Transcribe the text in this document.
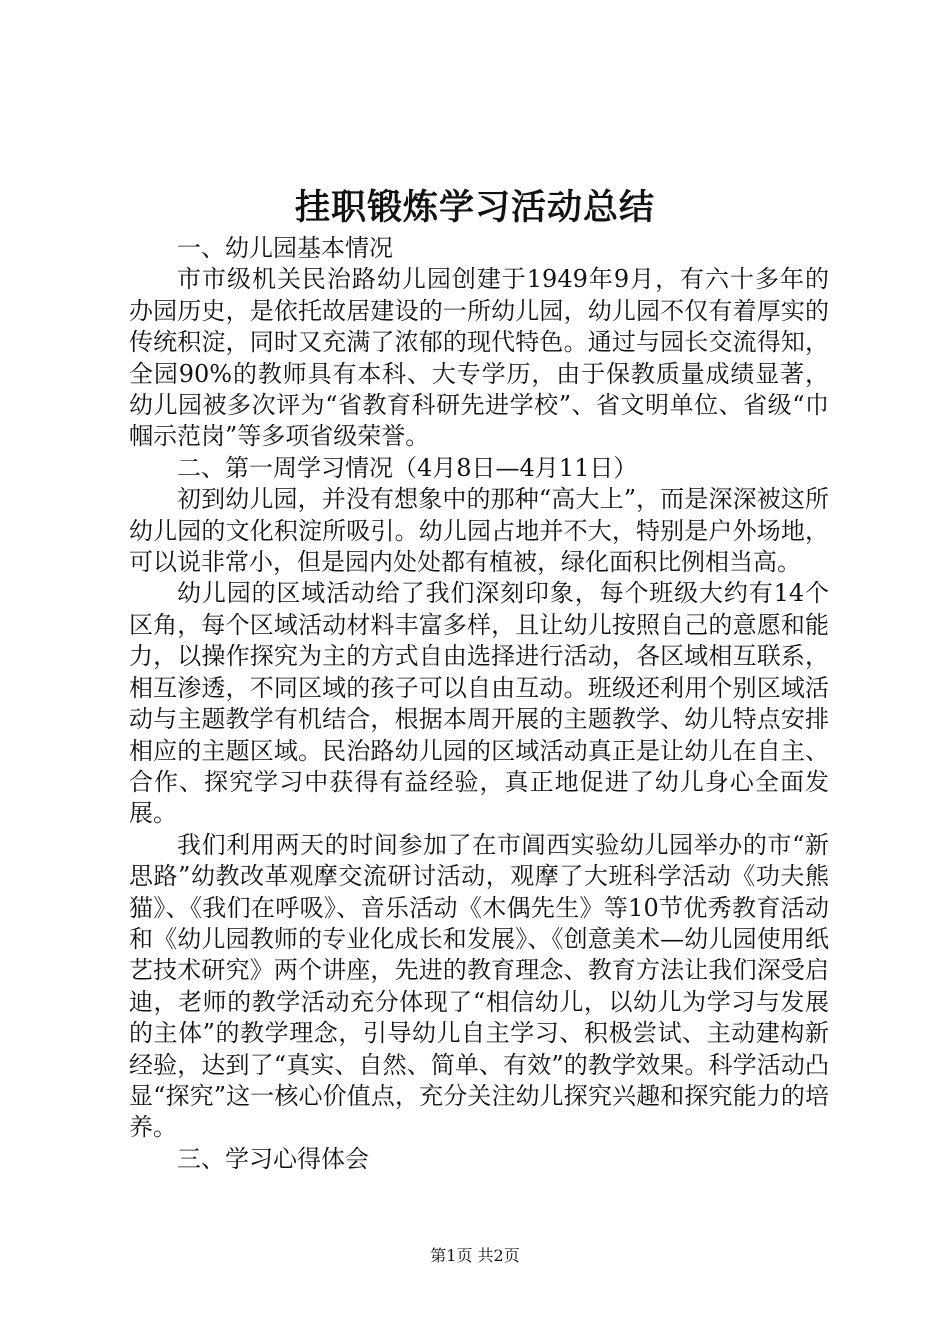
挂职锻炼学习活动总结

一、幼儿园基本情况

市市级机关民治路幼儿园创建于1949年9月，有六十多年的办园历史，是依托故居建设的一所幼儿园，幼儿园不仅有着厚实的传统积淀，同时又充满了浓郁的现代特色。通过与园长交流得知，全园90%的教师具有本科、大专学历，由于保教质量成绩显著，幼儿园被多次评为“省教育科研先进学校”、省文明单位、省级“巾帼示范岗”等多项省级荣誉。

二、第一周学习情况（4月8日—4月11日）

初到幼儿园，并没有想象中的那种“高大上”，而是深深被这所幼儿园的文化积淀所吸引。幼儿园占地并不大，特别是户外场地，可以说非常小，但是园内处处都有植被，绿化面积比例相当高。

幼儿园的区域活动给了我们深刻印象，每个班级大约有14个区角，每个区域活动材料丰富多样，且让幼儿按照自己的意愿和能力，以操作探究为主的方式自由选择进行活动，各区域相互联系，相互渗透，不同区域的孩子可以自由互动。班级还利用个别区域活动与主题教学有机结合，根据本周开展的主题教学、幼儿特点安排相应的主题区域。民治路幼儿园的区域活动真正是让幼儿在自主、合作、探究学习中获得有益经验，真正地促进了幼儿身心全面发展。

我们利用两天的时间参加了在市阊西实验幼儿园举办的市“新思路”幼教改革观摩交流研讨活动，观摩了大班科学活动《功夫熊猫》、《我们在呼吸》、音乐活动《木偶先生》等10节优秀教育活动和《幼儿园教师的专业化成长和发展》、《创意美术—幼儿园使用纸艺技术研究》两个讲座，先进的教育理念、教育方法让我们深受启迪，老师的教学活动充分体现了“相信幼儿，以幼儿为学习与发展的主体”的教学理念，引导幼儿自主学习、积极尝试、主动建构新经验，达到了“真实、自然、简单、有效”的教学效果。科学活动凸显“探究”这一核心价值点，充分关注幼儿探究兴趣和探究能力的培养。

三、学习心得体会

第1页 共2页
